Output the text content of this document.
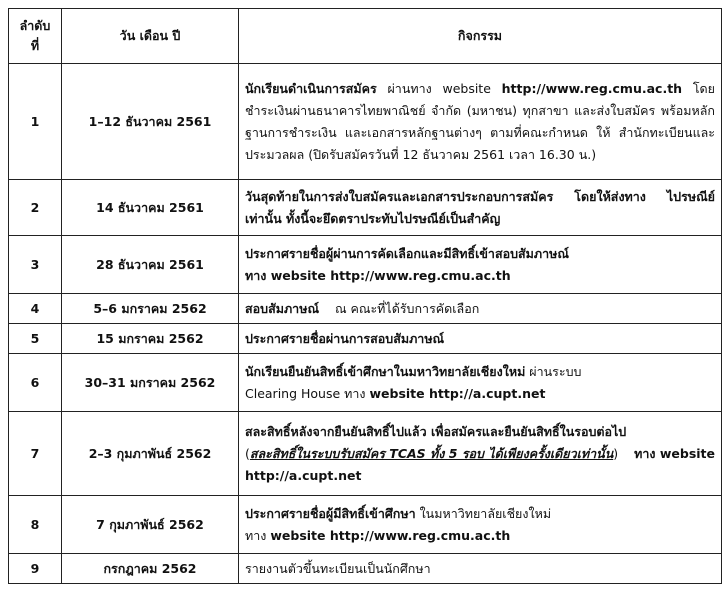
ลำดับ
ที่	วัน เดือน ปี	กิจกรรม
1	1–12 ธันวาคม 2561	นักเรียนดำเนินการสมัคร ผ่านทาง website http://www.reg.cmu.ac.th โดยชำระเงินผ่านธนาคารไทยพาณิชย์ จำกัด (มหาชน) ทุกสาขา และส่งใบสมัคร พร้อมหลักฐานการชำระเงิน และเอกสารหลักฐานต่างๆ ตามที่คณะกำหนด ให้ สำนักทะเบียนและประมวลผล (ปิดรับสมัครวันที่ 12 ธันวาคม 2561 เวลา 16.30 น.)
2	14 ธันวาคม 2561	วันสุดท้ายในการส่งใบสมัครและเอกสารประกอบการสมัคร โดยให้ส่งทาง ไปรษณีย์เท่านั้น ทั้งนี้จะยึดตราประทับไปรษณีย์เป็นสำคัญ
3	28 ธันวาคม 2561	ประกาศรายชื่อผู้ผ่านการคัดเลือกและมีสิทธิ์เข้าสอบสัมภาษณ์
ทาง website http://www.reg.cmu.ac.th
4	5–6 มกราคม 2562	สอบสัมภาษณ์    ณ คณะที่ได้รับการคัดเลือก
5	15 มกราคม 2562	ประกาศรายชื่อผ่านการสอบสัมภาษณ์
6	30–31 มกราคม 2562	นักเรียนยืนยันสิทธิ์เข้าศึกษาในมหาวิทยาลัยเชียงใหม่ ผ่านระบบ
Clearing House ทาง website http://a.cupt.net
7	2–3 กุมภาพันธ์ 2562	สละสิทธิ์หลังจากยืนยันสิทธิ์ไปแล้ว เพื่อสมัครและยืนยันสิทธิ์ในรอบต่อไป
(สละสิทธิ์ในระบบรับสมัคร TCAS ทั้ง 5 รอบ ได้เพียงครั้งเดียวเท่านั้น)    ทาง website http://a.cupt.net
8	7 กุมภาพันธ์ 2562	ประกาศรายชื่อผู้มีสิทธิ์เข้าศึกษา ในมหาวิทยาลัยเชียงใหม่
ทาง website http://www.reg.cmu.ac.th
9	กรกฎาคม 2562	รายงานตัวขึ้นทะเบียนเป็นนักศึกษา
